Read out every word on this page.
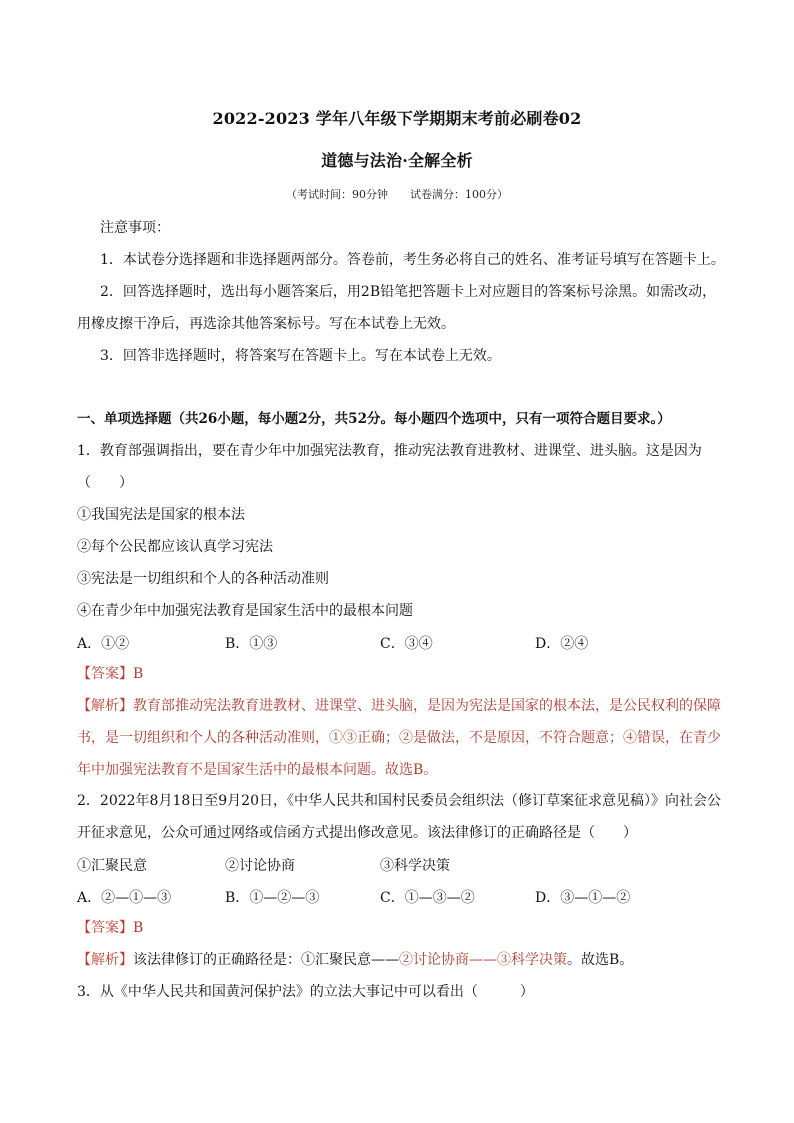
2022-2023 学年八年级下学期期末考前必刷卷02
道德与法治·全解全析
（考试时间：90分钟　　试卷满分：100分）
注意事项：
1．本试卷分选择题和非选择题两部分。答卷前，考生务必将自己的姓名、准考证号填写在答题卡上。
2．回答选择题时，选出每小题答案后，用2B铅笔把答题卡上对应题目的答案标号涂黑。如需改动，
用橡皮擦干净后，再选涂其他答案标号。写在本试卷上无效。
3．回答非选择题时，将答案写在答题卡上。写在本试卷上无效。
一、单项选择题（共26小题，每小题2分，共52分。每小题四个选项中，只有一项符合题目要求。）
1．教育部强调指出，要在青少年中加强宪法教育，推动宪法教育进教材、进课堂、进头脑。这是因为
（　　）
①我国宪法是国家的根本法
②每个公民都应该认真学习宪法
③宪法是一切组织和个人的各种活动准则
④在青少年中加强宪法教育是国家生活中的最根本问题
A．①②	B．①③	C．③④	D．②④
【答案】B
【解析】教育部推动宪法教育进教材、进课堂、进头脑，是因为宪法是国家的根本法，是公民权利的保障
书，是一切组织和个人的各种活动准则，①③正确；②是做法，不是原因，不符合题意；④错误，在青少
年中加强宪法教育不是国家生活中的最根本问题。故选B。
2．2022年8月18日至9月20日，《中华人民共和国村民委员会组织法（修订草案征求意见稿）》向社会公
开征求意见，公众可通过网络或信函方式提出修改意见。该法律修订的正确路径是（　　）
①汇聚民意	②讨论协商	③科学决策
A．②—①—③	B．①—②—③	C．①—③—②	D．③—①—②
【答案】B
【解析】该法律修订的正确路径是：①汇聚民意——②讨论协商——③科学决策。故选B。
3．从《中华人民共和国黄河保护法》的立法大事记中可以看出（　　　）
